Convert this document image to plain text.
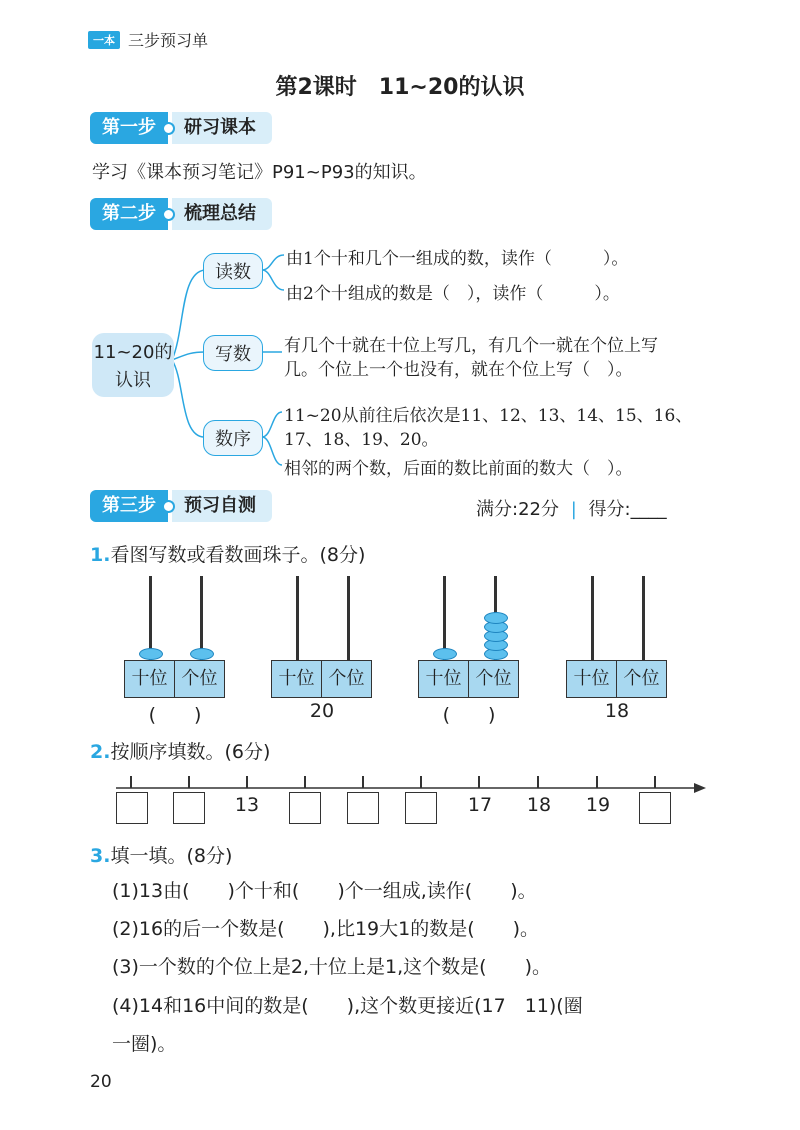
一本 三步预习单
第2课时　11~20的认识
第一步	研习课本
学习《课本预习笔记》P91~P93的知识。
第二步	梳理总结
11~20的
认识
读数
写数
数序
由1个十和几个一组成的数，读作（　　　）。
由2个十组成的数是（　），读作（　　　）。
有几个十就在十位上写几，有几个一就在个位上写
几。个位上一个也没有，就在个位上写（　）。
11~20从前往后依次是11、12、13、14、15、16、
17、18、19、20。
相邻的两个数，后面的数比前面的数大（　）。
第三步	预习自测	满分:22分 | 得分:____
1.看图写数或看数画珠子。(8分)
十位 个位
(　　)
十位 个位
20
十位 个位
(　　)
十位 个位
18
2.按顺序填数。(6分)
13	17	18	19
3.填一填。(8分)
(1)13由(　　)个十和(　　)个一组成,读作(　　)。
(2)16的后一个数是(　　),比19大1的数是(　　)。
(3)一个数的个位上是2,十位上是1,这个数是(　　)。
(4)14和16中间的数是(　　),这个数更接近(17　11)(圈
一圈)。
20
